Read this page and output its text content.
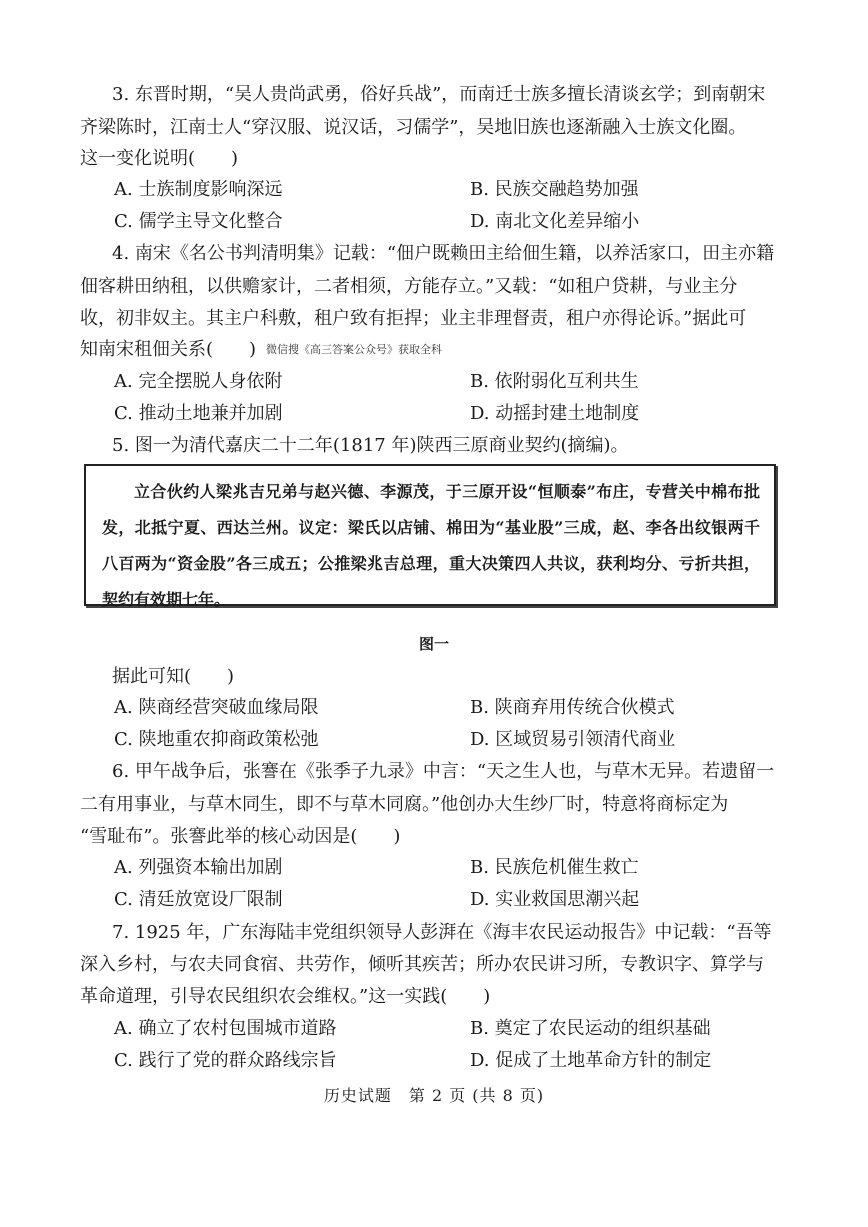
3. 东晋时期，“吴人贵尚武勇，俗好兵战”，而南迁士族多擅长清谈玄学；到南朝宋
齐梁陈时，江南士人“穿汉服、说汉话，习儒学”，吴地旧族也逐渐融入士族文化圈。
这一变化说明(　　)
A. 士族制度影响深远	B. 民族交融趋势加强
C. 儒学主导文化整合	D. 南北文化差异缩小
4. 南宋《名公书判清明集》记载：“佃户既赖田主给佃生籍，以养活家口，田主亦籍
佃客耕田纳租，以供赡家计，二者相须，方能存立。”又载：“如租户贷耕，与业主分
收，初非奴主。其主户科敷，租户致有拒捍；业主非理督责，租户亦得论诉。”据此可
知南宋租佃关系(　　) 微信搜《高三答案公众号》获取全科
A. 完全摆脱人身依附	B. 依附弱化互利共生
C. 推动土地兼并加剧	D. 动摇封建土地制度
5. 图一为清代嘉庆二十二年(1817 年)陕西三原商业契约(摘编)。

立合伙约人梁兆吉兄弟与赵兴德、李源茂，于三原开设“恒顺泰”布庄，专营关中棉布批发，北抵宁夏、西达兰州。议定：梁氏以店铺、棉田为“基业股”三成，赵、李各出纹银两千八百两为“资金股”各三成五；公推梁兆吉总理，重大决策四人共议，获利均分、亏折共担，契约有效期七年。

图一
据此可知(　　)
A. 陕商经营突破血缘局限	B. 陕商弃用传统合伙模式
C. 陕地重农抑商政策松弛	D. 区域贸易引领清代商业
6. 甲午战争后，张謇在《张季子九录》中言：“天之生人也，与草木无异。若遗留一
二有用事业，与草木同生，即不与草木同腐。”他创办大生纱厂时，特意将商标定为
“雪耻布”。张謇此举的核心动因是(　　)
A. 列强资本输出加剧	B. 民族危机催生救亡
C. 清廷放宽设厂限制	D. 实业救国思潮兴起
7. 1925 年，广东海陆丰党组织领导人彭湃在《海丰农民运动报告》中记载：“吾等
深入乡村，与农夫同食宿、共劳作，倾听其疾苦；所办农民讲习所，专教识字、算学与
革命道理，引导农民组织农会维权。”这一实践(　　)
A. 确立了农村包围城市道路	B. 奠定了农民运动的组织基础
C. 践行了党的群众路线宗旨	D. 促成了土地革命方针的制定
历史试题　第 2 页 (共 8 页)
